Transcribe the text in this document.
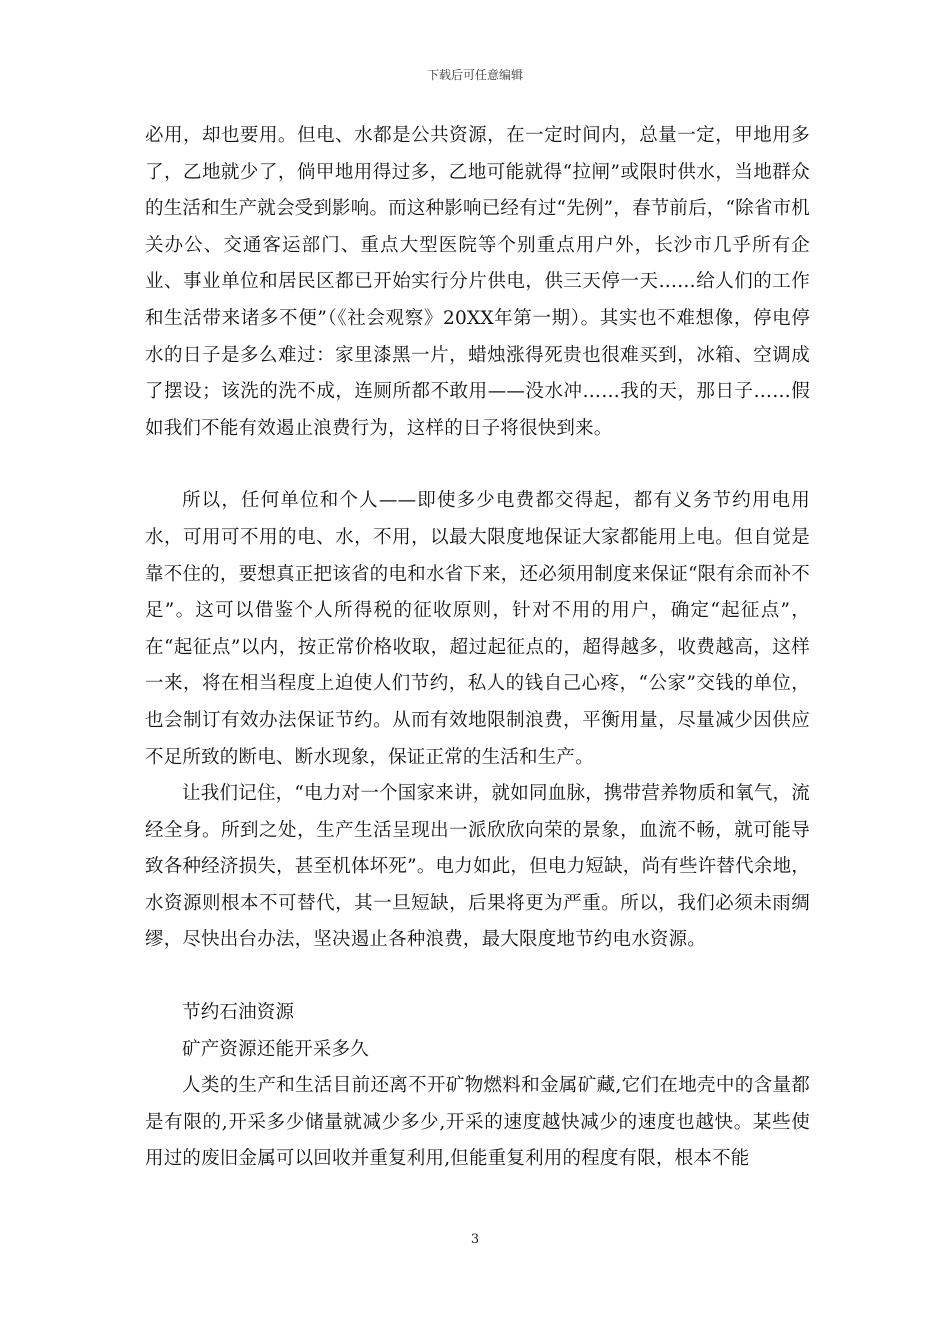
下载后可任意编辑

必用，却也要用。但电、水都是公共资源，在一定时间内，总量一定，甲地用多了，乙地就少了，倘甲地用得过多，乙地可能就得“拉闸”或限时供水，当地群众的生活和生产就会受到影响。而这种影响已经有过“先例”，春节前后，“除省市机关办公、交通客运部门、重点大型医院等个别重点用户外，长沙市几乎所有企业、事业单位和居民区都已开始实行分片供电，供三天停一天……给人们的工作和生活带来诸多不便”（《社会观察》20XX年第一期）。其实也不难想像，停电停水的日子是多么难过：家里漆黑一片，蜡烛涨得死贵也很难买到，冰箱、空调成了摆设；该洗的洗不成，连厕所都不敢用——没水冲……我的天，那日子……假如我们不能有效遏止浪费行为，这样的日子将很快到来。

所以，任何单位和个人——即使多少电费都交得起，都有义务节约用电用水，可用可不用的电、水，不用，以最大限度地保证大家都能用上电。但自觉是靠不住的，要想真正把该省的电和水省下来，还必须用制度来保证“限有余而补不足”。这可以借鉴个人所得税的征收原则，针对不用的用户，确定“起征点”，在“起征点”以内，按正常价格收取，超过起征点的，超得越多，收费越高，这样一来，将在相当程度上迫使人们节约，私人的钱自己心疼，“公家”交钱的单位，也会制订有效办法保证节约。从而有效地限制浪费，平衡用量，尽量减少因供应不足所致的断电、断水现象，保证正常的生活和生产。

让我们记住，“电力对一个国家来讲，就如同血脉，携带营养物质和氧气，流经全身。所到之处，生产生活呈现出一派欣欣向荣的景象，血流不畅，就可能导致各种经济损失，甚至机体坏死”。电力如此，但电力短缺，尚有些许替代余地，水资源则根本不可替代，其一旦短缺，后果将更为严重。所以，我们必须未雨绸缪，尽快出台办法，坚决遏止各种浪费，最大限度地节约电水资源。

节约石油资源

矿产资源还能开采多久

人类的生产和生活目前还离不开矿物燃料和金属矿藏,它们在地壳中的含量都是有限的,开采多少储量就减少多少,开采的速度越快减少的速度也越快。某些使用过的废旧金属可以回收并重复利用,但能重复利用的程度有限，根本不能

3
